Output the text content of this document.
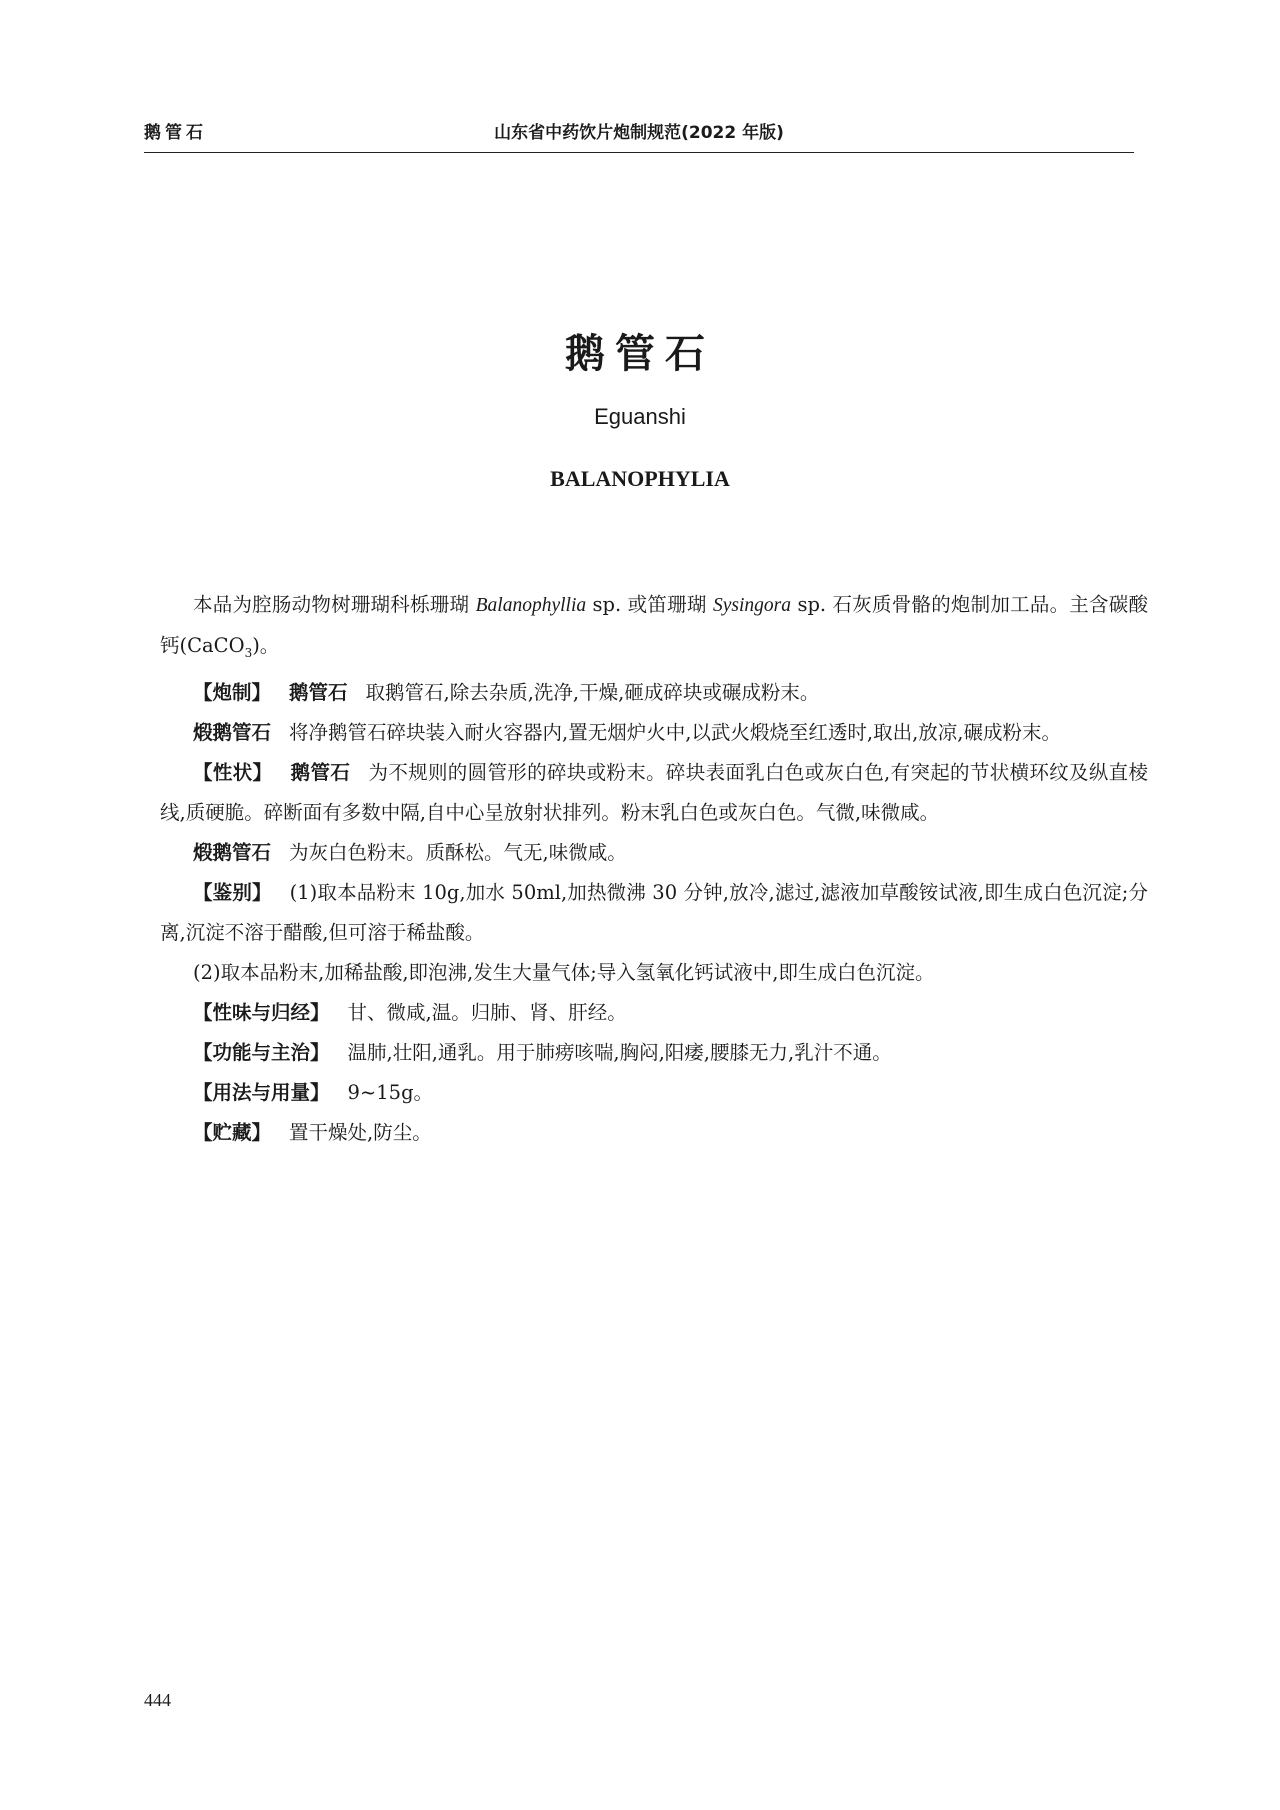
鹅管石	山东省中药饮片炮制规范(2022 年版)
鹅管石
Eguanshi
BALANOPHYLIA

本品为腔肠动物树珊瑚科栎珊瑚 Balanophyllia sp. 或笛珊瑚 Sysingora sp. 石灰质骨骼的炮制加工品。主含碳酸钙(CaCO$_3$)。

【炮制】 鹅管石 取鹅管石,除去杂质,洗净,干燥,砸成碎块或碾成粉末。

煅鹅管石 将净鹅管石碎块装入耐火容器内,置无烟炉火中,以武火煅烧至红透时,取出,放凉,碾成粉末。

【性状】 鹅管石 为不规则的圆管形的碎块或粉末。碎块表面乳白色或灰白色,有突起的节状横环纹及纵直棱线,质硬脆。碎断面有多数中隔,自中心呈放射状排列。粉末乳白色或灰白色。气微,味微咸。

煅鹅管石 为灰白色粉末。质酥松。气无,味微咸。

【鉴别】 (1)取本品粉末 10g,加水 50ml,加热微沸 30 分钟,放冷,滤过,滤液加草酸铵试液,即生成白色沉淀;分离,沉淀不溶于醋酸,但可溶于稀盐酸。

(2)取本品粉末,加稀盐酸,即泡沸,发生大量气体;导入氢氧化钙试液中,即生成白色沉淀。

【性味与归经】 甘、微咸,温。归肺、肾、肝经。

【功能与主治】 温肺,壮阳,通乳。用于肺痨咳喘,胸闷,阳痿,腰膝无力,乳汁不通。

【用法与用量】 9~15g。

【贮藏】 置干燥处,防尘。

444
